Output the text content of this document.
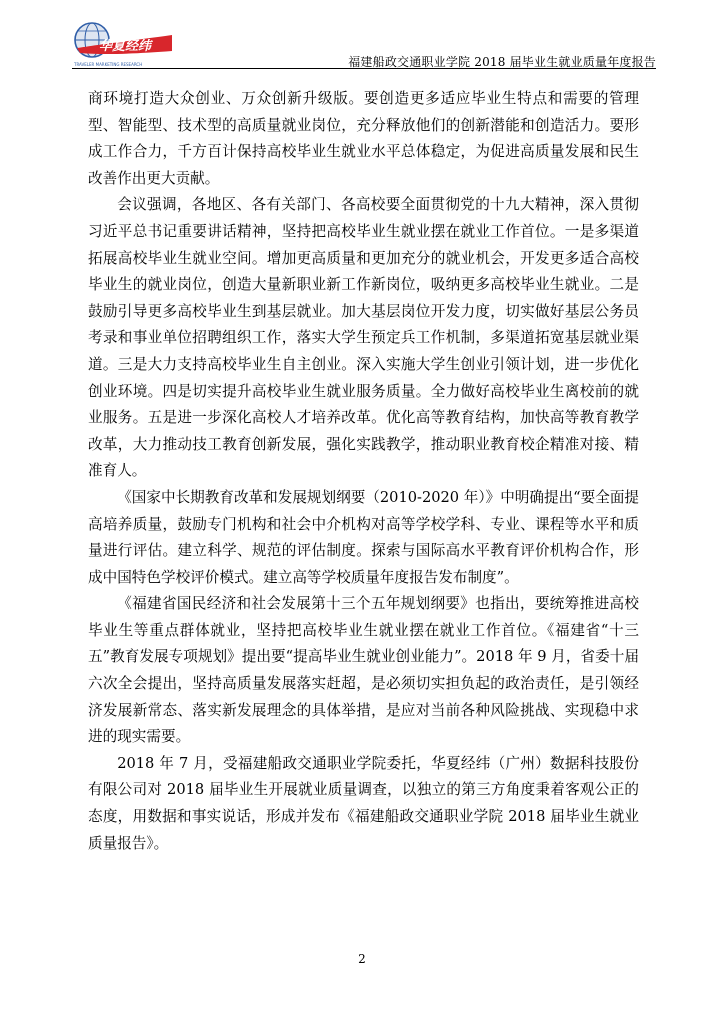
华夏经纬
TRAVELER MARKETING RESEARCH	福建船政交通职业学院 2018 届毕业生就业质量年度报告

商环境打造大众创业、万众创新升级版。要创造更多适应毕业生特点和需要的管理型、智能型、技术型的高质量就业岗位，充分释放他们的创新潜能和创造活力。要形成工作合力，千方百计保持高校毕业生就业水平总体稳定，为促进高质量发展和民生改善作出更大贡献。

会议强调，各地区、各有关部门、各高校要全面贯彻党的十九大精神，深入贯彻习近平总书记重要讲话精神，坚持把高校毕业生就业摆在就业工作首位。一是多渠道拓展高校毕业生就业空间。增加更高质量和更加充分的就业机会，开发更多适合高校毕业生的就业岗位，创造大量新职业新工作新岗位，吸纳更多高校毕业生就业。二是鼓励引导更多高校毕业生到基层就业。加大基层岗位开发力度，切实做好基层公务员考录和事业单位招聘组织工作，落实大学生预定兵工作机制，多渠道拓宽基层就业渠道。三是大力支持高校毕业生自主创业。深入实施大学生创业引领计划，进一步优化创业环境。四是切实提升高校毕业生就业服务质量。全力做好高校毕业生离校前的就业服务。五是进一步深化高校人才培养改革。优化高等教育结构，加快高等教育教学改革，大力推动技工教育创新发展，强化实践教学，推动职业教育校企精准对接、精准育人。

《国家中长期教育改革和发展规划纲要（2010-2020 年）》中明确提出“要全面提高培养质量，鼓励专门机构和社会中介机构对高等学校学科、专业、课程等水平和质量进行评估。建立科学、规范的评估制度。探索与国际高水平教育评价机构合作，形成中国特色学校评价模式。建立高等学校质量年度报告发布制度”。

《福建省国民经济和社会发展第十三个五年规划纲要》也指出，要统筹推进高校毕业生等重点群体就业，坚持把高校毕业生就业摆在就业工作首位。《福建省“十三五”教育发展专项规划》提出要“提高毕业生就业创业能力”。2018 年 9 月，省委十届六次全会提出，坚持高质量发展落实赶超，是必须切实担负起的政治责任，是引领经济发展新常态、落实新发展理念的具体举措，是应对当前各种风险挑战、实现稳中求进的现实需要。

2018 年 7 月，受福建船政交通职业学院委托，华夏经纬（广州）数据科技股份有限公司对 2018 届毕业生开展就业质量调查，以独立的第三方角度秉着客观公正的态度，用数据和事实说话，形成并发布《福建船政交通职业学院 2018 届毕业生就业质量报告》。

2
